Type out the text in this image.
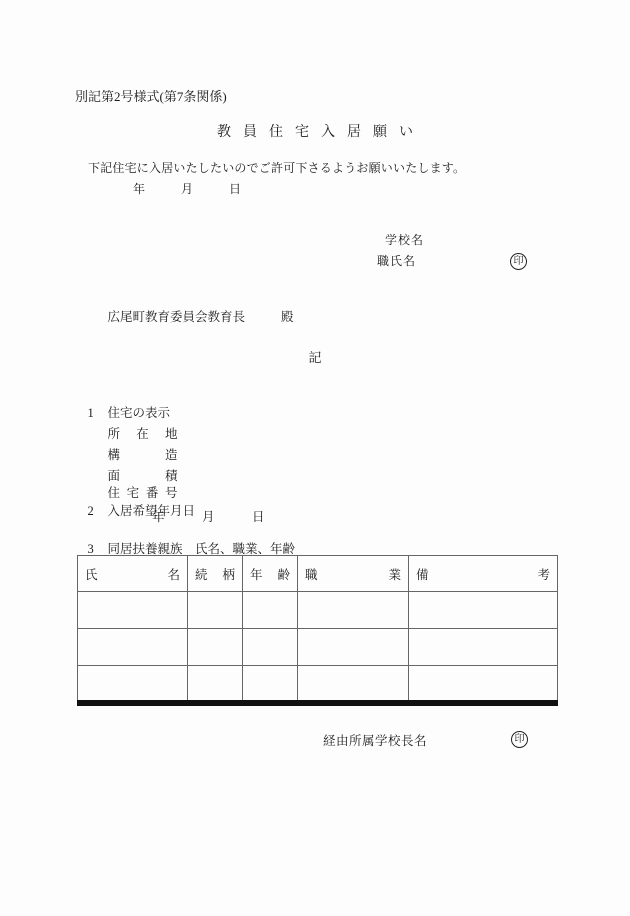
別記第2号様式(第7条関係)
教員住宅入居願い
下記住宅に入居いたしたいのでご許可下さるようお願いいたします。
年　　　月　　　日
学校名
職氏名	印

広尾町教育委員会教育長	殿

記

1 住宅の表示

所在地

構造

面積

住宅番号

2 入居希望年月日

年　　　月　　　日

3 同居扶養親族　氏名、職業、年齢

氏名	続柄	年齢	職業	備考

経由所属学校長名	印
